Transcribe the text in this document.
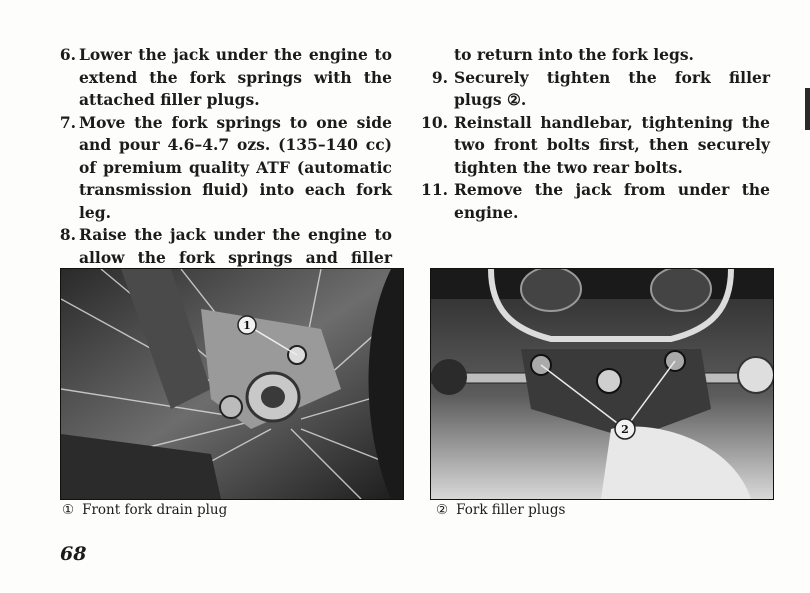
6. Lower the jack under the engine to extend the fork springs with the attached filler plugs.
7. Move the fork springs to one side and pour 4.6–4.7 ozs. (135–140 cc) of premium quality ATF (automatic transmission fluid) into each fork leg.
8. Raise the jack under the engine to allow the fork springs and filler
to return into the fork legs.
9. Securely tighten the fork filler plugs ②.
10. Reinstall handlebar, tightening the two front bolts first, then securely tighten the two rear bolts.
11. Remove the jack from under the engine.
1
2
① Front fork drain plug	② Fork filler plugs
68
